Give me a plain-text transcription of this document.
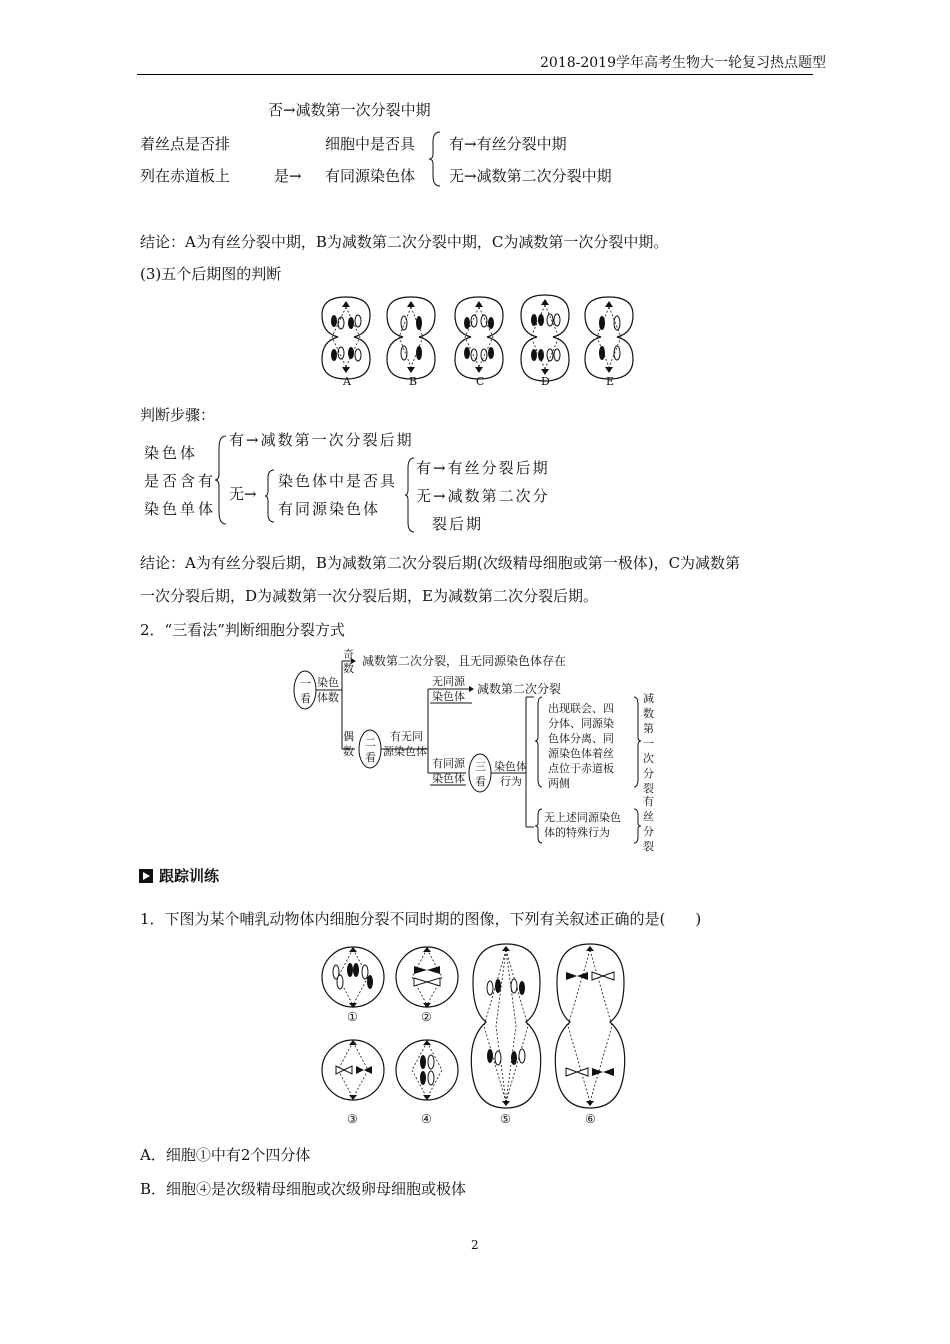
2018-2019学年高考生物大一轮复习热点题型
否→减数第一次分裂中期
着丝点是否排
列在赤道板上	是→
细胞中是否具
有同源染色体
有→有丝分裂中期
无→减数第二次分裂中期
结论：A为有丝分裂中期，B为减数第二次分裂中期，C为减数第一次分裂中期。
(3)五个后期图的判断
A	B	C	D	E
判断步骤：
染色体
是否含有
染色单体
有→减数第一次分裂后期
无→
染色体中是否具
有同源染色体
有→有丝分裂后期
无→减数第二次分
裂后期
结论：A为有丝分裂后期，B为减数第二次分裂后期(次级精母细胞或第一极体)，C为减数第
一次分裂后期，D为减数第一次分裂后期，E为减数第二次分裂后期。
2．“三看法”判断细胞分裂方式
一
看
染色
体数
奇
数
减数第二次分裂，且无同源染色体存在
偶
数
二
看
有无同
源染色体
无同源
染色体
减数第二次分裂
有同源
染色体
三
看
染色体
行为
出现联会、四
分体、同源染
色体分离、同
源染色体着丝
点位于赤道板
两侧
减数第一次分裂
无上述同源染色
体的特殊行为
有丝分裂
跟踪训练
1．下图为某个哺乳动物体内细胞分裂不同时期的图像，下列有关叙述正确的是(　　)
①	②
③	④	⑤	⑥
A．细胞①中有2个四分体
B．细胞④是次级精母细胞或次级卵母细胞或极体
2
